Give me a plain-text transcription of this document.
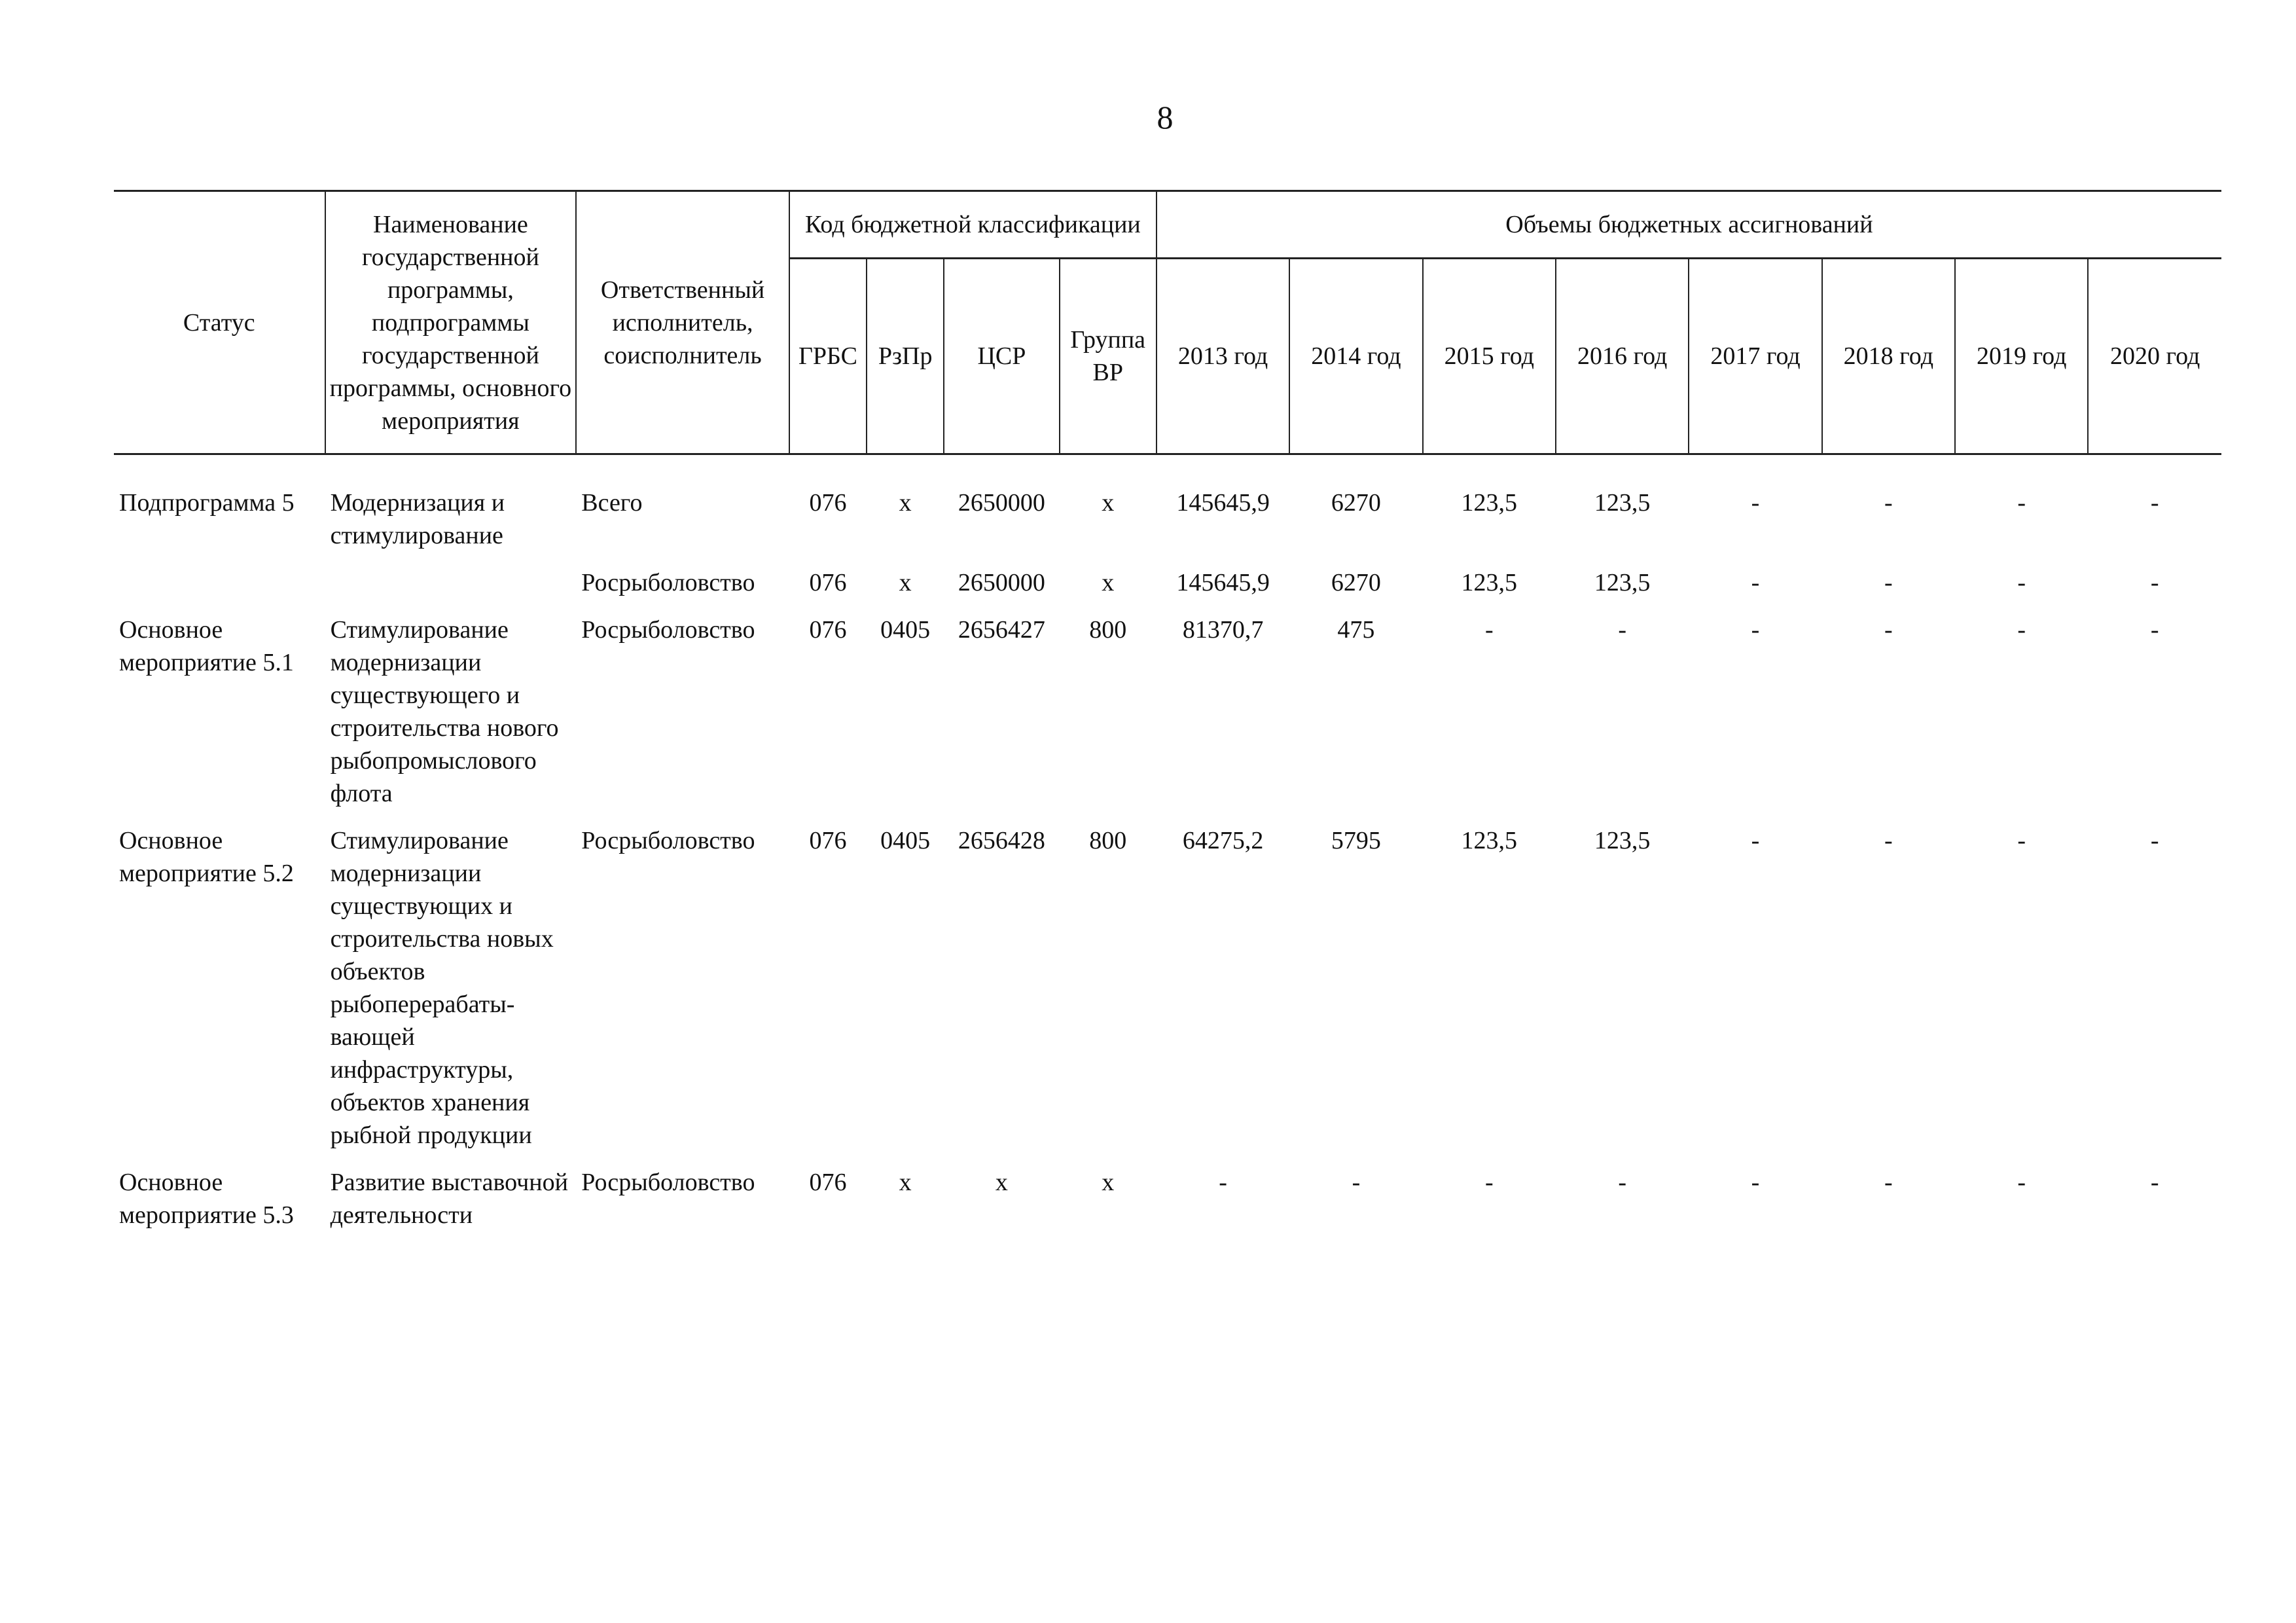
8
Статус	Наименование государственной программы, подпрограммы государственной программы, основного мероприятия	Ответственный исполнитель, соисполнитель	Код бюджетной классификации				Объемы бюджетных ассигнований							
			ГРБС	РзПр	ЦСР	Группа ВР	2013 год	2014 год	2015 год	2016 год	2017 год	2018 год	2019 год	2020 год

Подпрограмма 5	Модернизация и стимулирование	Всего	076	х	2650000	х	145645,9	6270	123,5	123,5	-	-	-	-
		Росрыболовство	076	х	2650000	х	145645,9	6270	123,5	123,5	-	-	-	-
Основное мероприятие 5.1	Стимулирование модернизации существующего и строительства нового рыбопромыслового флота	Росрыболовство	076	0405	2656427	800	81370,7	475	-	-	-	-	-	-
Основное мероприятие 5.2	Стимулирование модернизации существующих и строительства новых объектов рыбоперерабаты-вающей инфраструктуры, объектов хранения рыбной продукции	Росрыболовство	076	0405	2656428	800	64275,2	5795	123,5	123,5	-	-	-	-
Основное мероприятие 5.3	Развитие выставочной деятельности	Росрыболовство	076	х	х	х	-	-	-	-	-	-	-	-
